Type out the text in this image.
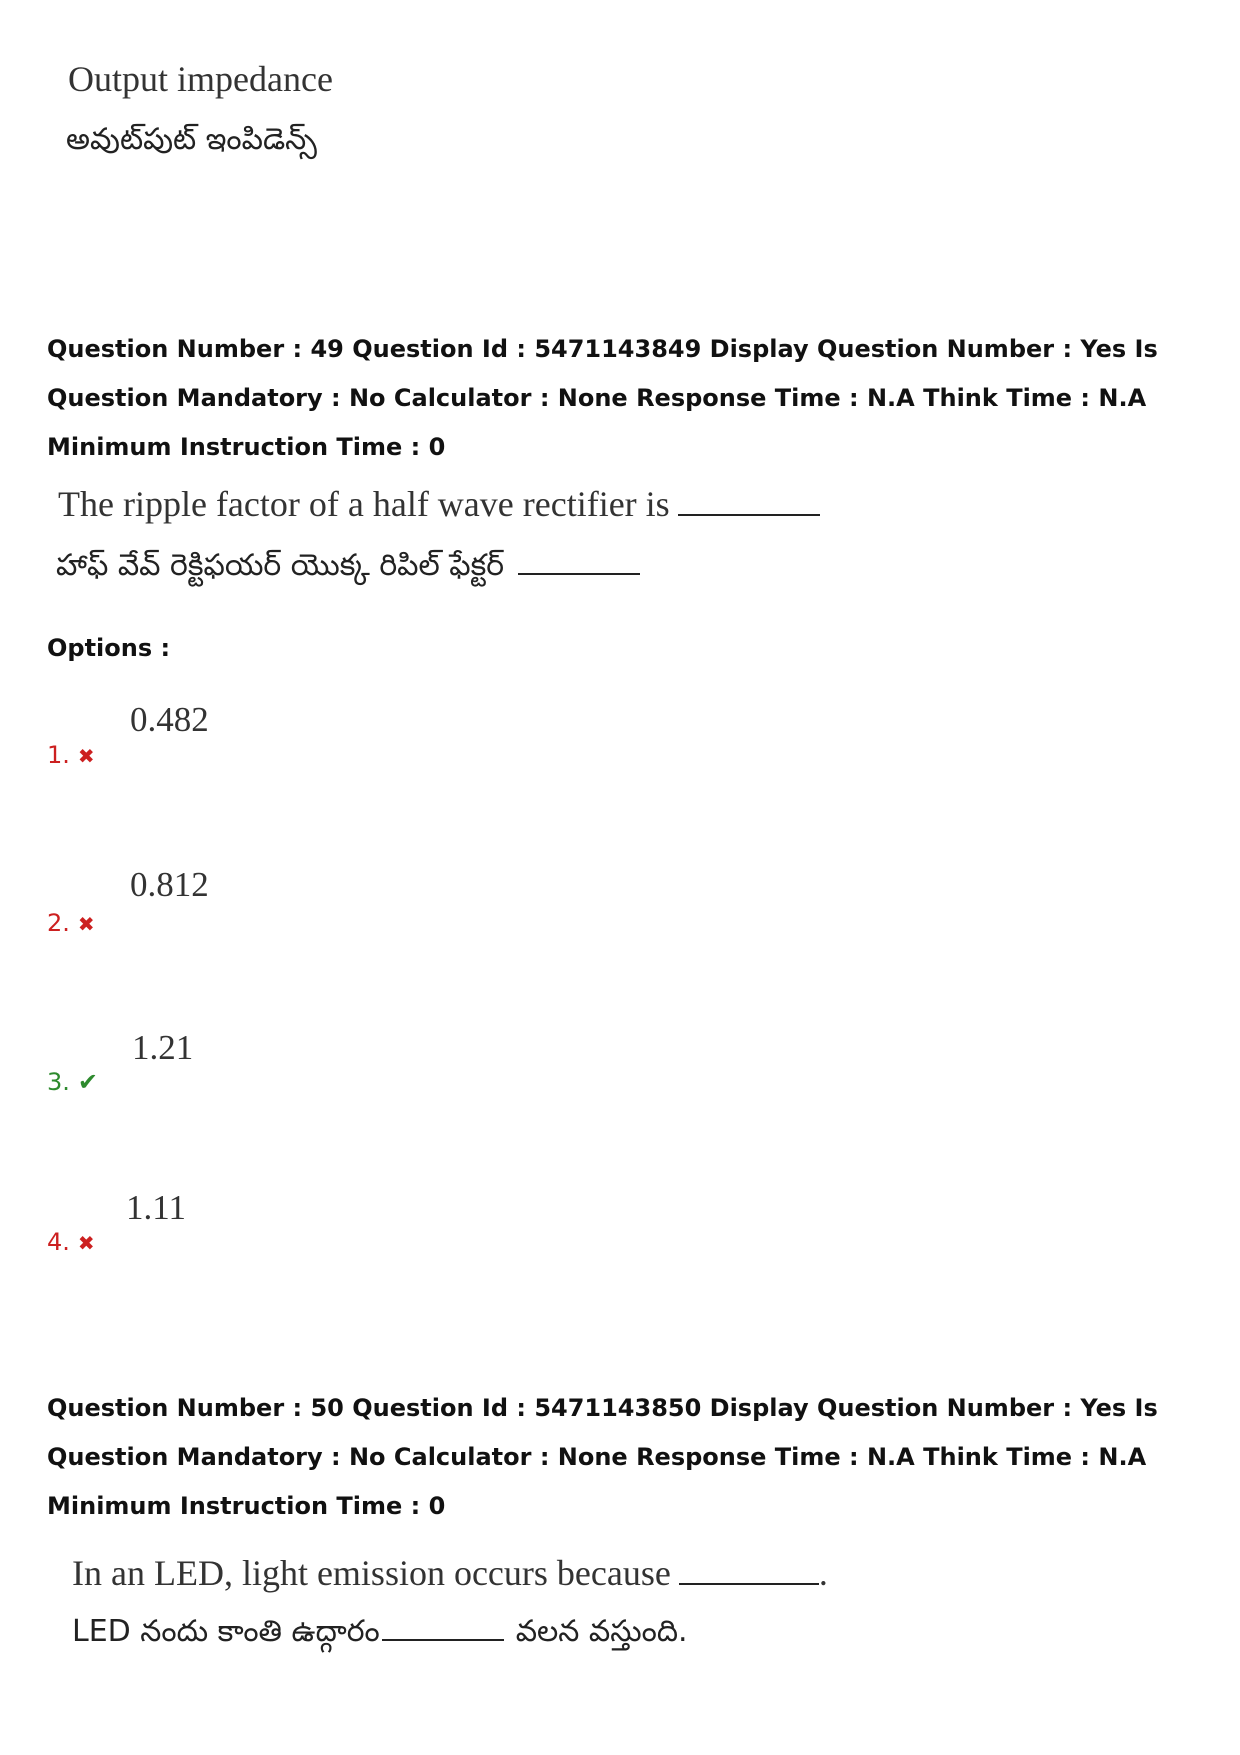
Output impedance
అవుట్‌పుట్ ఇంపిడెన్స్
Question Number : 49 Question Id : 5471143849 Display Question Number : Yes Is Question Mandatory : No Calculator : None Response Time : N.A Think Time : N.A Minimum Instruction Time : 0
The ripple factor of a half wave rectifier is
హాఫ్ వేవ్ రెక్టిఫయర్ యొక్క రిపిల్ ఫేక్టర్
Options :
0.482
1. ✖
0.812
2. ✖
1.21
3. ✔
1.11
4. ✖
Question Number : 50 Question Id : 5471143850 Display Question Number : Yes Is Question Mandatory : No Calculator : None Response Time : N.A Think Time : N.A Minimum Instruction Time : 0
In an LED, light emission occurs because	.
LED నందు కాంతి ఉద్గారం	వలన వస్తుంది.
